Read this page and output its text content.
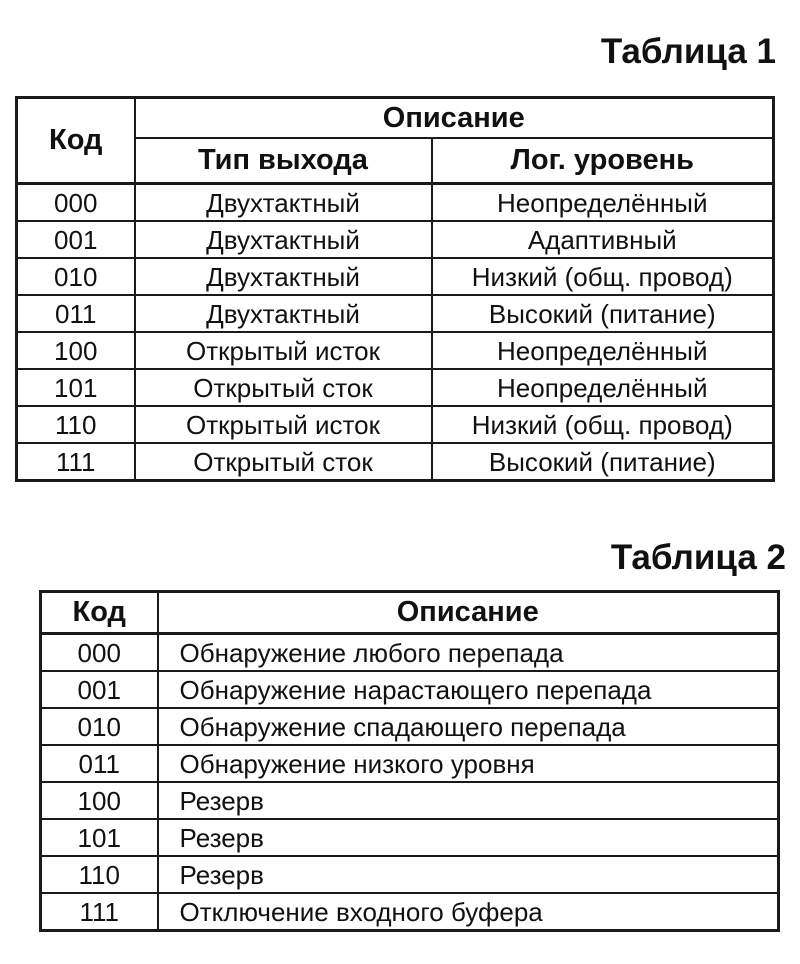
Таблица 1
Код	Описание	
	Тип выхода	Лог. уровень
000	Двухтактный	Неопределённый
001	Двухтактный	Адаптивный
010	Двухтактный	Низкий (общ. провод)
011	Двухтактный	Высокий (питание)
100	Открытый исток	Неопределённый
101	Открытый сток	Неопределённый
110	Открытый исток	Низкий (общ. провод)
111	Открытый сток	Высокий (питание)
Таблица 2
Код	Описание
000	Обнаружение любого перепада
001	Обнаружение нарастающего перепада
010	Обнаружение спадающего перепада
011	Обнаружение низкого уровня
100	Резерв
101	Резерв
110	Резерв
111	Отключение входного буфера
